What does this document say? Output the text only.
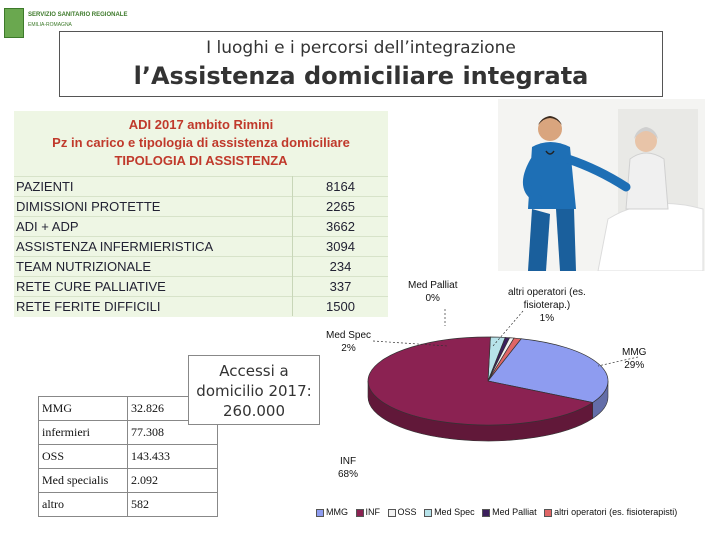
SERVIZIO SANITARIO REGIONALE
EMILIA-ROMAGNA
I luoghi e i percorsi dell’integrazione
l’Assistenza domiciliare integrata
ADI 2017 ambito Rimini
Pz in carico e tipologia di assistenza domiciliare
TIPOLOGIA DI ASSISTENZA
PAZIENTI	8164
DIMISSIONI PROTETTE	2265
ADI + ADP	3662
ASSISTENZA INFERMIERISTICA	3094
TEAM NUTRIZIONALE	234
RETE CURE PALLIATIVE	337
RETE FERITE DIFFICILI	1500
MMG	32.826
infermieri	77.308
OSS	143.433
Med specialis	2.092
altro	582
Med Palliat
0%
altri operatori (es.
fisioterap.)
1%
Med Spec
2%	MMG
29%
INF
68%
MMG INF OSS Med Spec Med Palliat altri operatori (es. fisioterapisti)
Accessi a
domicilio 2017:
260.000
